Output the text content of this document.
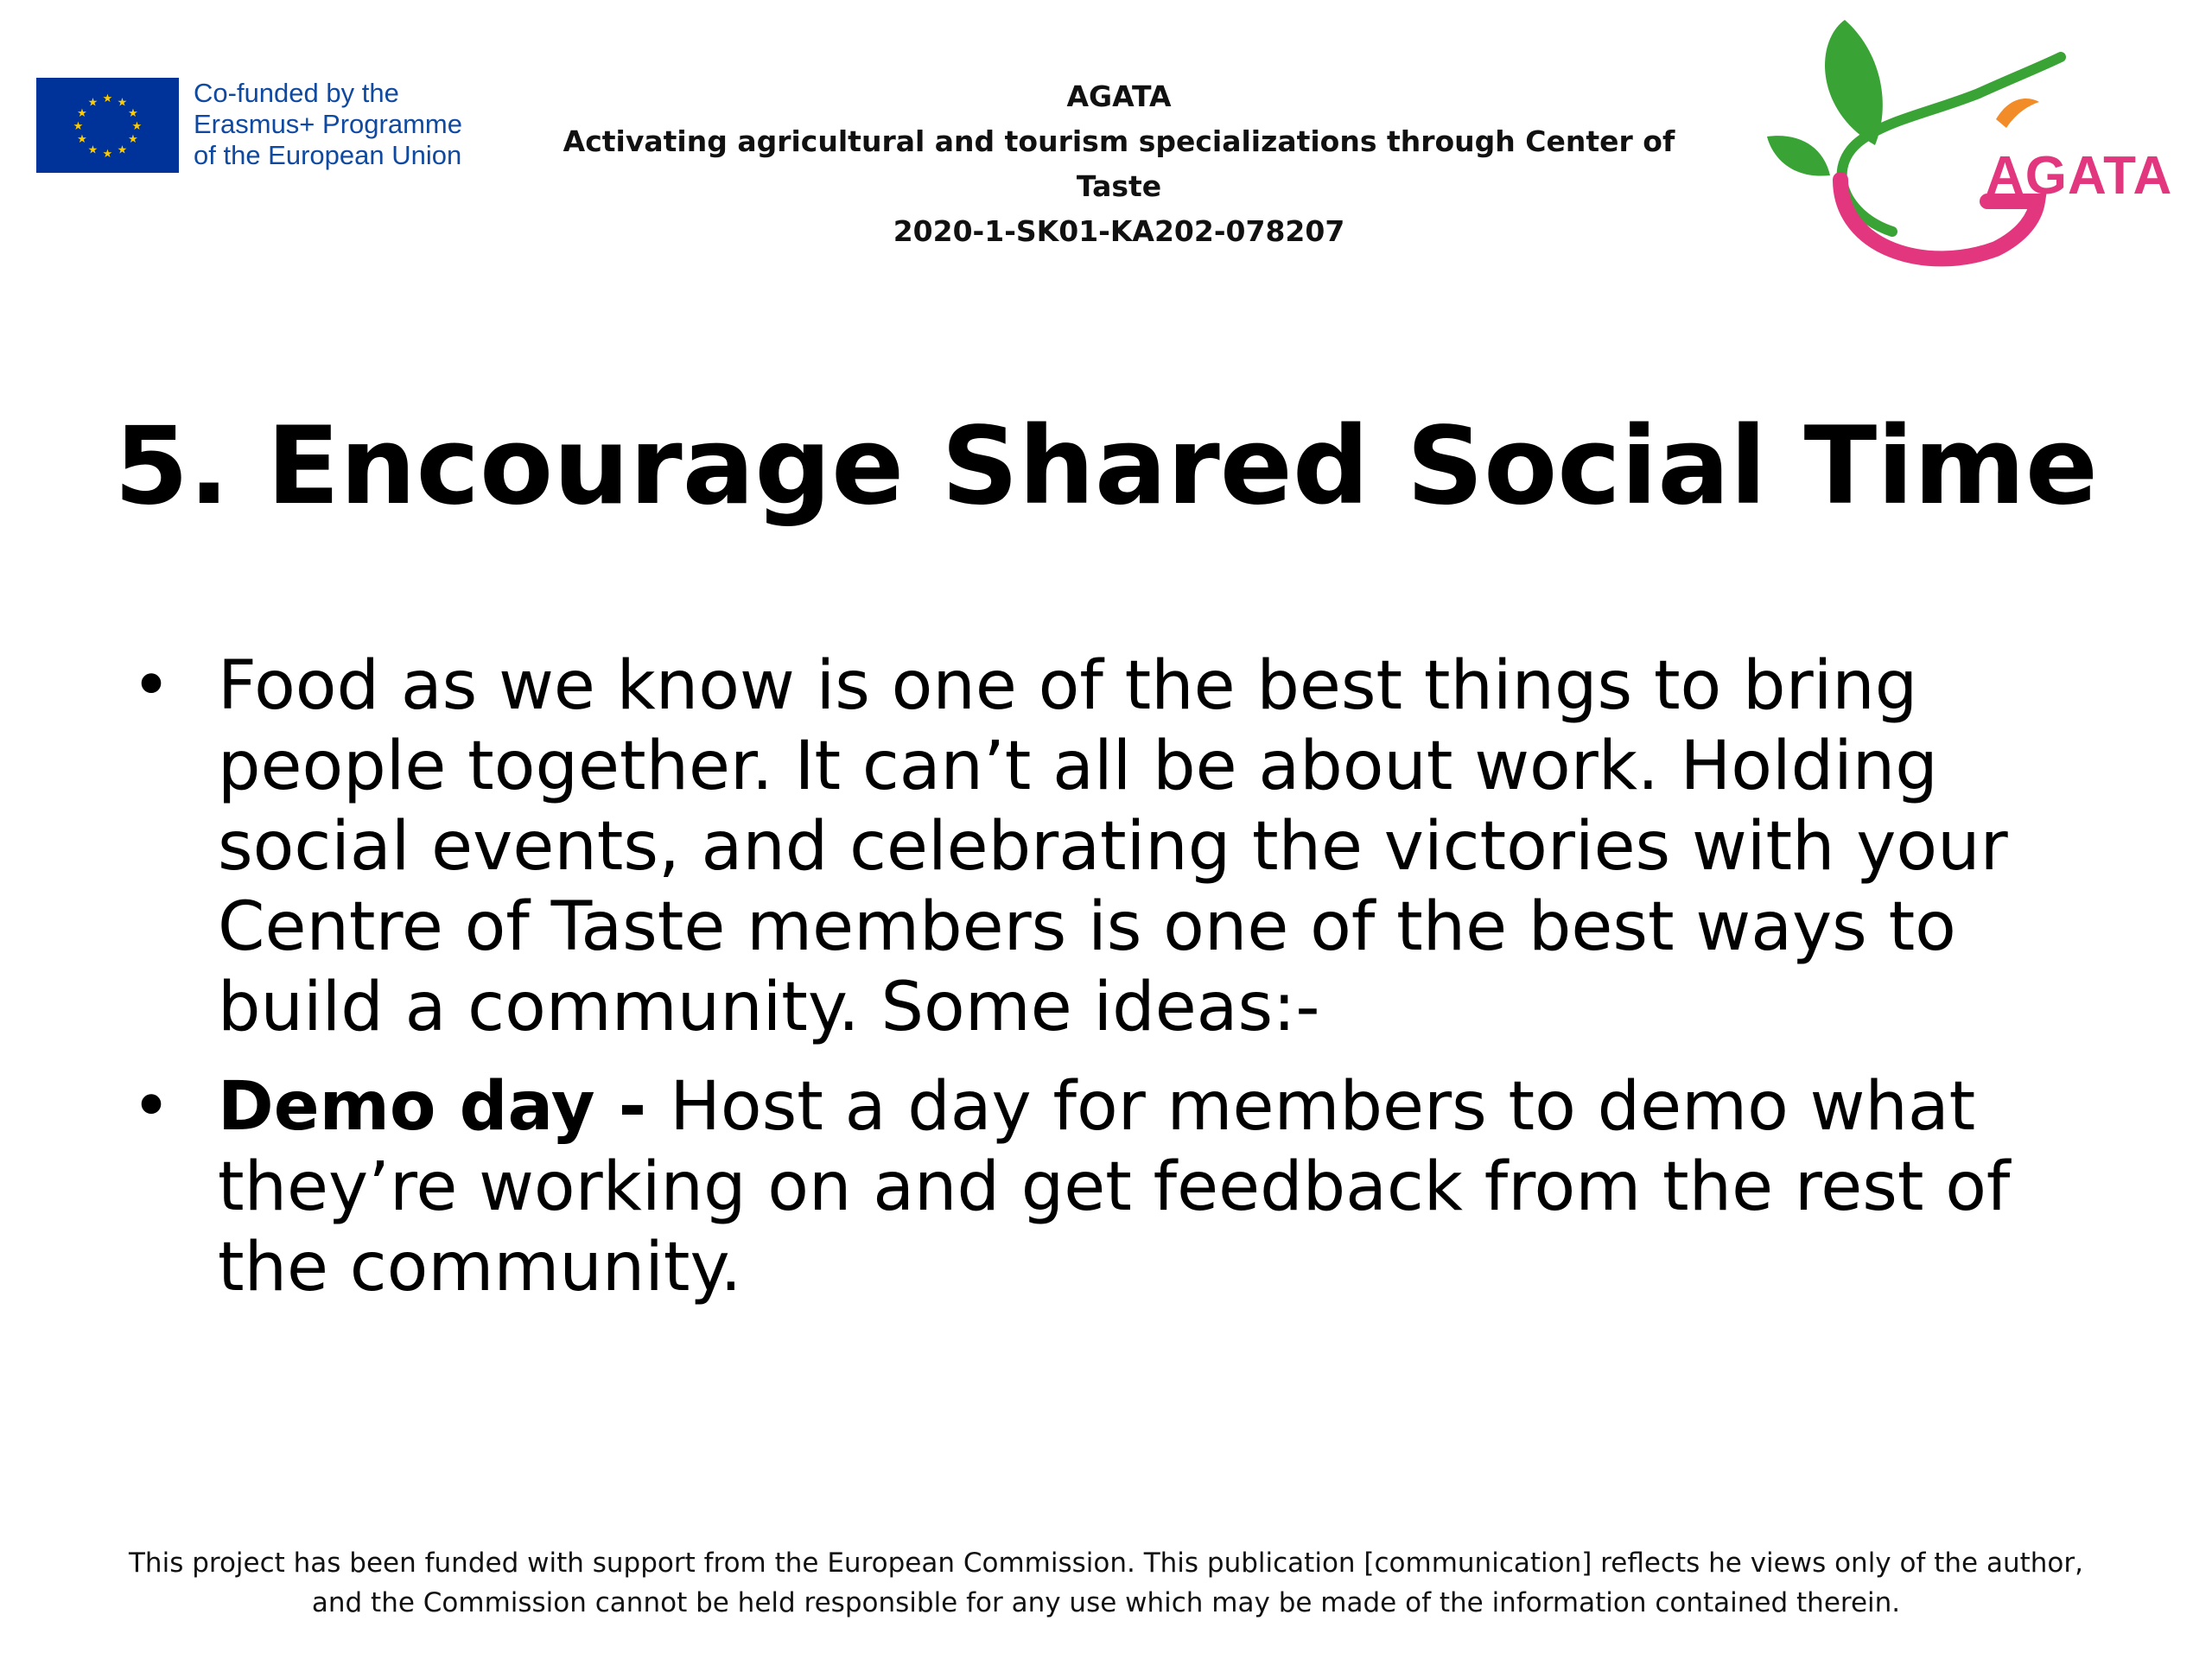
★ ★
★
★
★
★
★
★
★
★
★
★	Co-funded by the
Erasmus+ Programme
of the European Union
AGATA
Activating agricultural and tourism specializations through Center of Taste
2020-1-SK01-KA202-078207
AGATA
5. Encourage Shared Social Time
• Food as we know is one of the best things to bring people together. It can’t all be about work. Holding social events, and celebrating the victories with your Centre of Taste members is one of the best ways to build a community. Some ideas:-
• Demo day - Host a day for members to demo what they’re working on and get feedback from the rest of the community.
This project has been funded with support from the European Commission. This publication [communication] reflects he views only of the author,
and the Commission cannot be held responsible for any use which may be made of the information contained therein.
